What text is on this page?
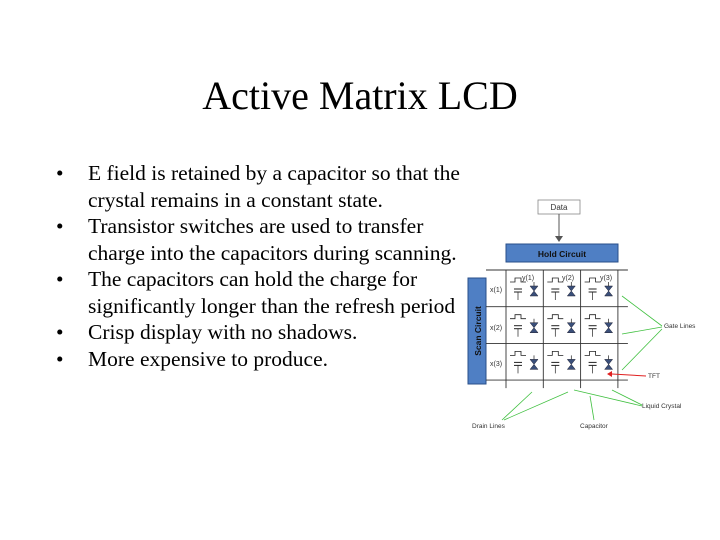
Active Matrix LCD
•	E field is retained by a capacitor so that the crystal remains in a constant state.
•	Transistor switches are used to transfer charge into the capacitors during scanning.
•	The capacitors can hold the charge for significantly longer than the refresh period
•	Crisp display with no shadows.
•	More expensive to produce.
Data
Hold Circuit
Scan Circuit
y(1)	y(2)	y(3)
x(1)
x(2)
x(3)
Gate Lines
TFT
Liquid Crystal
Drain Lines	Capacitor
